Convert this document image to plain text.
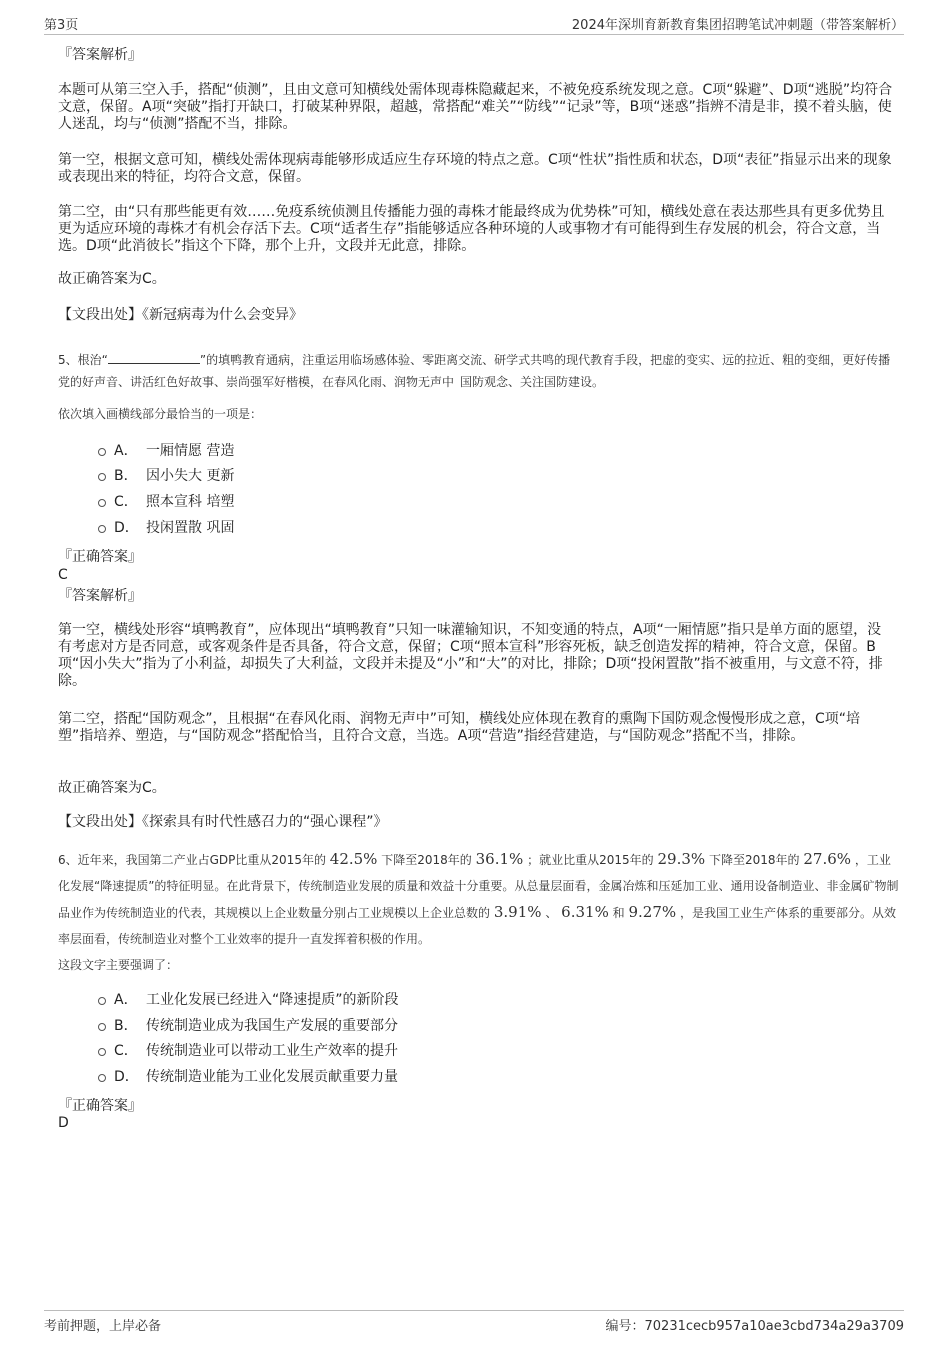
第3页	2024年深圳育新教育集团招聘笔试冲刺题（带答案解析）

『答案解析』

本题可从第三空入手，搭配“侦测”，且由文意可知横线处需体现毒株隐藏起来，不被免疫系统发现之意。C项“躲避”、D项“逃脱”均符合文意，保留。A项“突破”指打开缺口，打破某种界限，超越，常搭配“难关”“防线”“记录”等，B项“迷惑”指辨不清是非，摸不着头脑，使人迷乱，均与“侦测”搭配不当，排除。

第一空，根据文意可知，横线处需体现病毒能够形成适应生存环境的特点之意。C项“性状”指性质和状态，D项“表征”指显示出来的现象或表现出来的特征，均符合文意，保留。

第二空，由“只有那些能更有效……免疫系统侦测且传播能力强的毒株才能最终成为优势株”可知，横线处意在表达那些具有更多优势且更为适应环境的毒株才有机会存活下去。C项“适者生存”指能够适应各种环境的人或事物才有可能得到生存发展的机会，符合文意，当选。D项“此消彼长”指这个下降，那个上升，文段并无此意，排除。

故正确答案为C。

【文段出处】《新冠病毒为什么会变异》

5、根治“	”的填鸭教育通病，注重运用临场感体验、零距离交流、研学式共鸣的现代教育手段，把虚的变实、远的拉近、粗的变细，更好传播党的好声音、讲活红色好故事、崇尚强军好楷模，在春风化雨、润物无声中 国防观念、关注国防建设。

依次填入画横线部分最恰当的一项是：

A． 一厢情愿 营造
B． 因小失大 更新
C． 照本宣科 培塑
D． 投闲置散 巩固

『正确答案』

C

『答案解析』

第一空，横线处形容“填鸭教育”，应体现出“填鸭教育”只知一味灌输知识，不知变通的特点，A项“一厢情愿”指只是单方面的愿望，没有考虑对方是否同意，或客观条件是否具备，符合文意，保留；C项“照本宣科”形容死板，缺乏创造发挥的精神，符合文意，保留。B项“因小失大”指为了小利益，却损失了大利益，文段并未提及“小”和“大”的对比，排除；D项“投闲置散”指不被重用，与文意不符，排除。

第二空，搭配“国防观念”，且根据“在春风化雨、润物无声中”可知，横线处应体现在教育的熏陶下国防观念慢慢形成之意，C项“培塑”指培养、塑造，与“国防观念”搭配恰当，且符合文意，当选。A项“营造”指经营建造，与“国防观念”搭配不当，排除。

故正确答案为C。

【文段出处】《探索具有时代性感召力的“强心课程”》

6、近年来，我国第二产业占GDP比重从2015年的 42.5% 下降至2018年的 36.1% ；就业比重从2015年的 29.3% 下降至2018年的 27.6% ，工业化发展“降速提质”的特征明显。在此背景下，传统制造业发展的质量和效益十分重要。从总量层面看，金属冶炼和压延加工业、通用设备制造业、非金属矿物制品业作为传统制造业的代表，其规模以上企业数量分别占工业规模以上企业总数的 3.91% 、 6.31% 和 9.27% ，是我国工业生产体系的重要部分。从效率层面看，传统制造业对整个工业效率的提升一直发挥着积极的作用。

这段文字主要强调了：

A． 工业化发展已经进入“降速提质”的新阶段
B． 传统制造业成为我国生产发展的重要部分
C． 传统制造业可以带动工业生产效率的提升
D． 传统制造业能为工业化发展贡献重要力量

『正确答案』

D

考前押题，上岸必备	编号：70231cecb957a10ae3cbd734a29a3709
